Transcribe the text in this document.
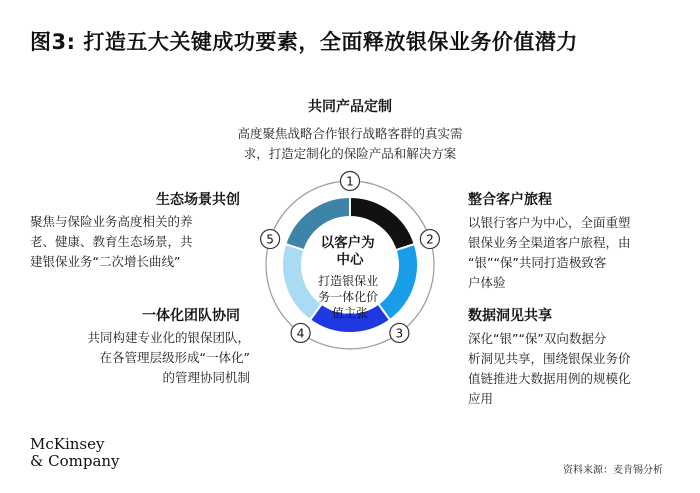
图3: 打造五大关键成功要素，全面释放银保业务价值潜力
共同产品定制
高度聚焦战略合作银行战略客群的真实需
求，打造定制化的保险产品和解决方案
生态场景共创
聚焦与保险业务高度相关的养
老、健康、教育生态场景，共
建银保业务“二次增长曲线”
整合客户旅程
以银行客户为中心，全面重塑
银保业务全渠道客户旅程，由
“银”“保”共同打造极致客
户体验
一体化团队协同
共同构建专业化的银保团队，
在各管理层级形成“一体化”
的管理协同机制
数据洞见共享
深化“银”“保”双向数据分
析洞见共享，围绕银保业务价
值链推进大数据用例的规模化
应用
1
2
3
4
5	以客户为 中心
打造银保业 务一体化价 值主张
McKinsey
& Company
资料来源：麦肯锡分析
